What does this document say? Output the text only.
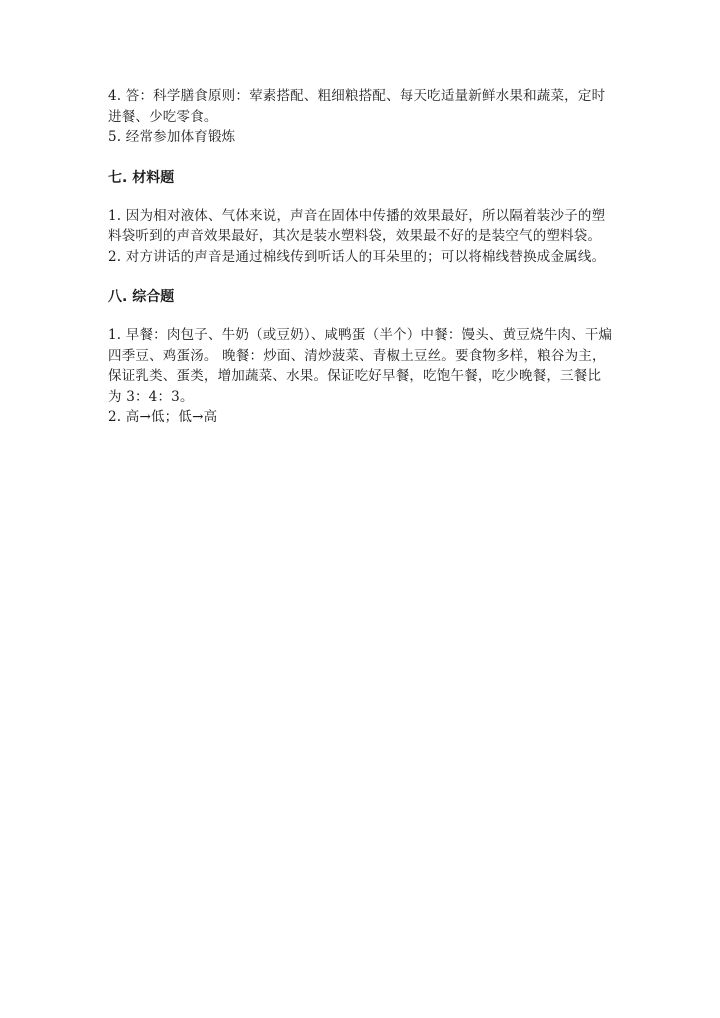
4. 答：科学膳食原则：荤素搭配、粗细粮搭配、每天吃适量新鲜水果和蔬菜，定时进餐、少吃零食。

5. 经常参加体育锻炼

七. 材料题

1. 因为相对液体、气体来说，声音在固体中传播的效果最好，所以隔着装沙子的塑料袋听到的声音效果最好，其次是装水塑料袋，效果最不好的是装空气的塑料袋。

2. 对方讲话的声音是通过棉线传到听话人的耳朵里的；可以将棉线替换成金属线。

八. 综合题

1. 早餐：肉包子、牛奶（或豆奶）、咸鸭蛋（半个）中餐：馒头、黄豆烧牛肉、干煸四季豆、鸡蛋汤。 晚餐：炒面、清炒菠菜、青椒土豆丝。要食物多样，粮谷为主，保证乳类、蛋类，增加蔬菜、水果。保证吃好早餐，吃饱午餐，吃少晚餐，三餐比为 3：4：3。

2. 高→低；低→高
